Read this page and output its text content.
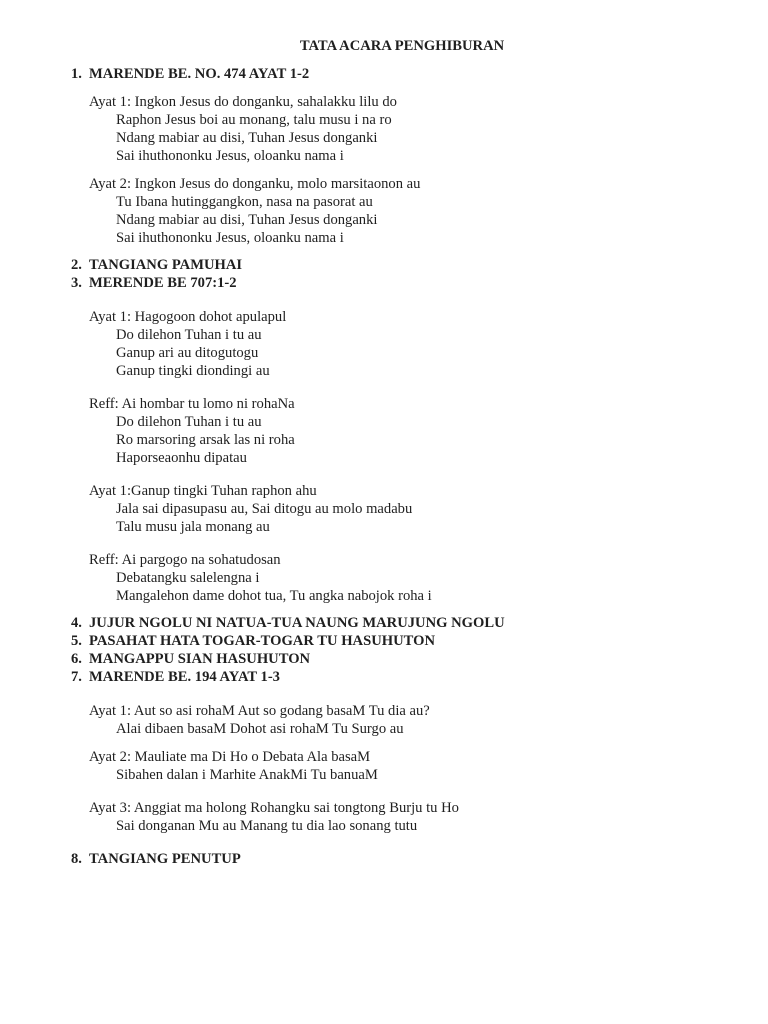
TATA ACARA PENGHIBURAN
1. MARENDE BE. NO. 474 AYAT 1-2
Ayat 1: Ingkon Jesus do donganku, sahalakku lilu do
Raphon Jesus boi au monang, talu musu i na ro
Ndang mabiar au disi, Tuhan Jesus donganki
Sai ihuthononku Jesus, oloanku nama i
Ayat 2: Ingkon Jesus do donganku, molo marsitaonon au
Tu Ibana hutinggangkon, nasa na pasorat au
Ndang mabiar au disi, Tuhan Jesus donganki
Sai ihuthononku Jesus, oloanku nama i
2. TANGIANG PAMUHAI
3. MERENDE BE 707:1-2
Ayat 1: Hagogoon dohot apulapul
Do dilehon Tuhan i tu au
Ganup ari au ditogutogu
Ganup tingki diondingi au
Reff: Ai hombar tu lomo ni rohaNa
Do dilehon Tuhan i tu au
Ro marsoring arsak las ni roha
Haporseaonhu dipatau
Ayat 1:Ganup tingki Tuhan raphon ahu
Jala sai dipasupasu au, Sai ditogu au molo madabu
Talu musu jala monang au
Reff: Ai pargogo na sohatudosan
Debatangku salelengna i
Mangalehon dame dohot tua, Tu angka nabojok roha i
4. JUJUR NGOLU NI NATUA-TUA NAUNG MARUJUNG NGOLU
5. PASAHAT HATA TOGAR-TOGAR TU HASUHUTON
6. MANGAPPU SIAN HASUHUTON
7. MARENDE BE. 194 AYAT 1-3
Ayat 1: Aut so asi rohaM Aut so godang basaM Tu dia au?
Alai dibaen basaM Dohot asi rohaM Tu Surgo au
Ayat 2: Mauliate ma Di Ho o Debata Ala basaM
Sibahen dalan i Marhite AnakMi Tu banuaM
Ayat 3: Anggiat ma holong Rohangku sai tongtong Burju tu Ho
Sai donganan Mu au Manang tu dia lao sonang tutu
8. TANGIANG PENUTUP
